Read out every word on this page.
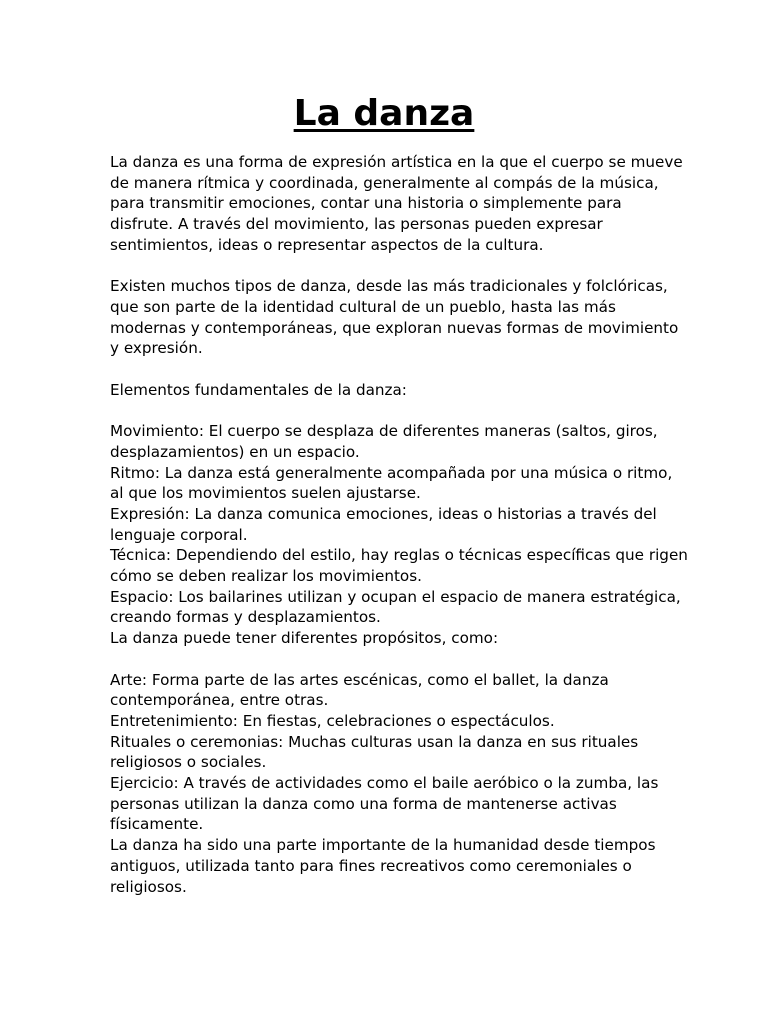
La danza
La danza es una forma de expresión artística en la que el cuerpo se mueve
de manera rítmica y coordinada, generalmente al compás de la música,
para transmitir emociones, contar una historia o simplemente para
disfrute. A través del movimiento, las personas pueden expresar
sentimientos, ideas o representar aspectos de la cultura.
Existen muchos tipos de danza, desde las más tradicionales y folclóricas,
que son parte de la identidad cultural de un pueblo, hasta las más
modernas y contemporáneas, que exploran nuevas formas de movimiento
y expresión.
Elementos fundamentales de la danza:
Movimiento: El cuerpo se desplaza de diferentes maneras (saltos, giros,
desplazamientos) en un espacio.
Ritmo: La danza está generalmente acompañada por una música o ritmo,
al que los movimientos suelen ajustarse.
Expresión: La danza comunica emociones, ideas o historias a través del
lenguaje corporal.
Técnica: Dependiendo del estilo, hay reglas o técnicas específicas que rigen
cómo se deben realizar los movimientos.
Espacio: Los bailarines utilizan y ocupan el espacio de manera estratégica,
creando formas y desplazamientos.
La danza puede tener diferentes propósitos, como:
Arte: Forma parte de las artes escénicas, como el ballet, la danza
contemporánea, entre otras.
Entretenimiento: En fiestas, celebraciones o espectáculos.
Rituales o ceremonias: Muchas culturas usan la danza en sus rituales
religiosos o sociales.
Ejercicio: A través de actividades como el baile aeróbico o la zumba, las
personas utilizan la danza como una forma de mantenerse activas
físicamente.
La danza ha sido una parte importante de la humanidad desde tiempos
antiguos, utilizada tanto para fines recreativos como ceremoniales o
religiosos.
